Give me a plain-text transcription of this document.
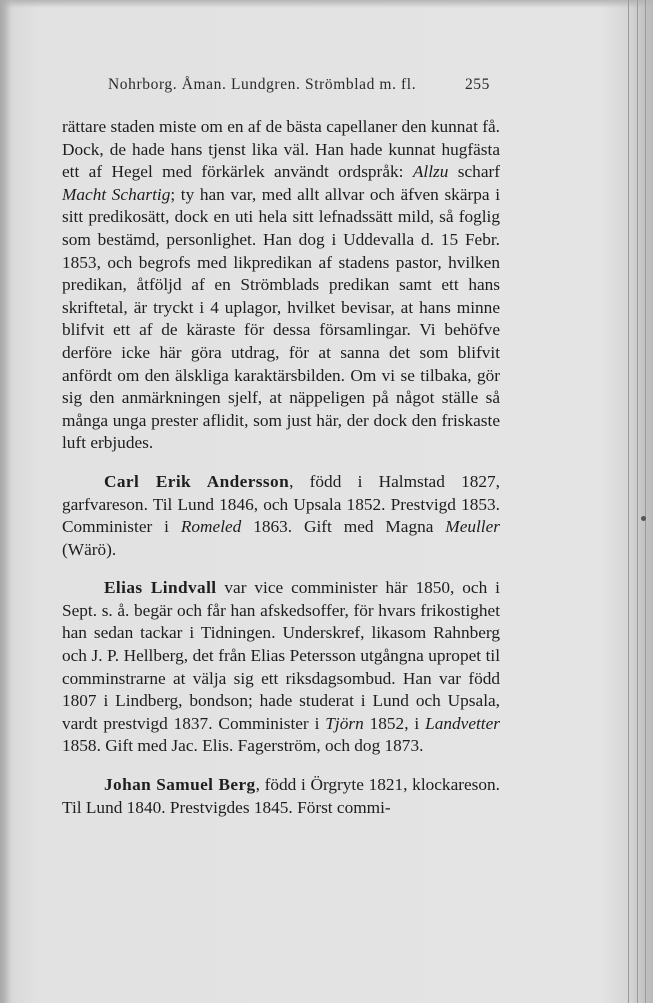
Nohrborg. Åman. Lundgren. Strömblad m. fl.	255

rättare staden miste om en af de bästa capellaner den kunnat få. Dock, de hade hans tjenst lika väl. Han hade kunnat hugfästa ett af Hegel med förkärlek användt ordspråk: Allzu scharf Macht Schartig; ty han var, med allt allvar och äfven skärpa i sitt predikosätt, dock en uti hela sitt lefnadssätt mild, så foglig som bestämd, personlighet. Han dog i Uddevalla d. 15 Febr. 1853, och begrofs med likpredikan af stadens pastor, hvilken predikan, åtföljd af en Strömblads predikan samt ett hans skriftetal, är tryckt i 4 uplagor, hvilket bevisar, at hans minne blifvit ett af de käraste för dessa församlingar. Vi behöfve derföre icke här göra utdrag, för at sanna det som blifvit anfördt om den älskliga karaktärsbilden. Om vi se tilbaka, gör sig den anmärkningen sjelf, at näppeligen på något ställe så många unga prester aflidit, som just här, der dock den friskaste luft erbjudes.

Carl Erik Andersson, född i Halmstad 1827, garfvareson. Til Lund 1846, och Upsala 1852. Prestvigd 1853. Comminister i Romeled 1863. Gift med Magna Meuller (Wärö).

Elias Lindvall var vice comminister här 1850, och i Sept. s. å. begär och får han afskedsoffer, för hvars frikostighet han sedan tackar i Tidningen. Underskref, likasom Rahnberg och J. P. Hellberg, det från Elias Petersson utgångna upropet til comminstrarne at välja sig ett riksdagsombud. Han var född 1807 i Lindberg, bondson; hade studerat i Lund och Upsala, vardt prestvigd 1837. Comminister i Tjörn 1852, i Landvetter 1858. Gift med Jac. Elis. Fagerström, och dog 1873.

Johan Samuel Berg, född i Örgryte 1821, klockareson. Til Lund 1840. Prestvigdes 1845. Först commi-
